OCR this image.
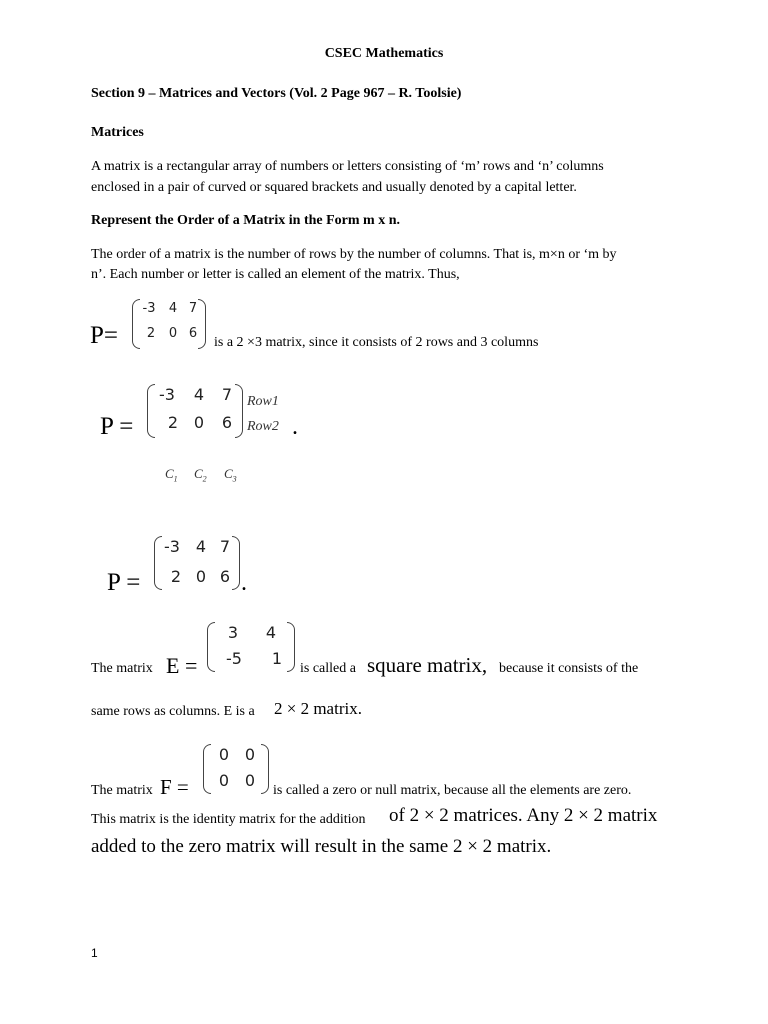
CSEC Mathematics
Section 9 – Matrices and Vectors (Vol. 2 Page 967 – R. Toolsie)
Matrices
A matrix is a rectangular array of numbers or letters consisting of ‘m’ rows and ‘n’ columns
enclosed in a pair of curved or squared brackets and usually denoted by a capital letter.
Represent the Order of a Matrix in the Form m x n.
The order of a matrix is the number of rows by the number of columns. That is, m×n or ‘m by
n’. Each number or letter is called an element of the matrix. Thus,
P=
-3	4 7
2	0 6
is a 2 ×3 matrix, since it consists of 2 rows and 3 columns
P =
-3	4	7
2 0	6
Row1
Row2 .
$C_1$ $C_2$ $C_3$
P =
-3 4 7
2 0 6 .
The matrix E =
3	4
-5	1
is called a square matrix, because it consists of the
same rows as columns. E is a 2 × 2 matrix.
The matrix F =
0 0
0 0
is called a zero or null matrix, because all the elements are zero.
This matrix is the identity matrix for the addition of 2 × 2 matrices. Any 2 × 2 matrix
added to the zero matrix will result in the same 2 × 2 matrix.
1
